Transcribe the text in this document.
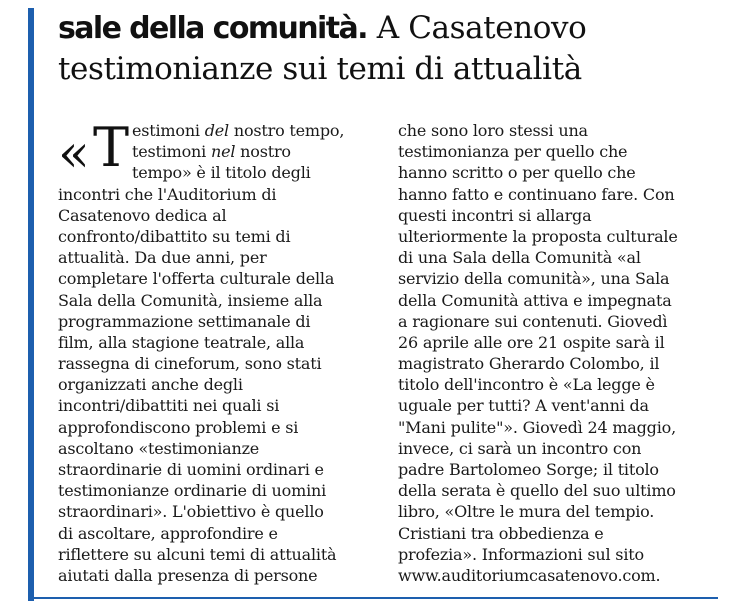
sale della comunità. A Casatenovo
testimonianze sui temi di attualità
« T estimoni del nostro tempo,
testimoni nel nostro
tempo» è il titolo degli
incontri che l'Auditorium di
Casatenovo dedica al
confronto/dibattito su temi di
attualità. Da due anni, per
completare l'offerta culturale della
Sala della Comunità, insieme alla
programmazione settimanale di
film, alla stagione teatrale, alla
rassegna di cineforum, sono stati
organizzati anche degli
incontri/dibattiti nei quali si
approfondiscono problemi e si
ascoltano «testimonianze
straordinarie di uomini ordinari e
testimonianze ordinarie di uomini
straordinari». L'obiettivo è quello
di ascoltare, approfondire e
riflettere su alcuni temi di attualità
aiutati dalla presenza di persone
che sono loro stessi una
testimonianza per quello che
hanno scritto o per quello che
hanno fatto e continuano fare. Con
questi incontri si allarga
ulteriormente la proposta culturale
di una Sala della Comunità «al
servizio della comunità», una Sala
della Comunità attiva e impegnata
a ragionare sui contenuti. Giovedì
26 aprile alle ore 21 ospite sarà il
magistrato Gherardo Colombo, il
titolo dell'incontro è «La legge è
uguale per tutti? A vent'anni da
"Mani pulite"». Giovedì 24 maggio,
invece, ci sarà un incontro con
padre Bartolomeo Sorge; il titolo
della serata è quello del suo ultimo
libro, «Oltre le mura del tempio.
Cristiani tra obbedienza e
profezia». Informazioni sul sito
www.auditoriumcasatenovo.com.
